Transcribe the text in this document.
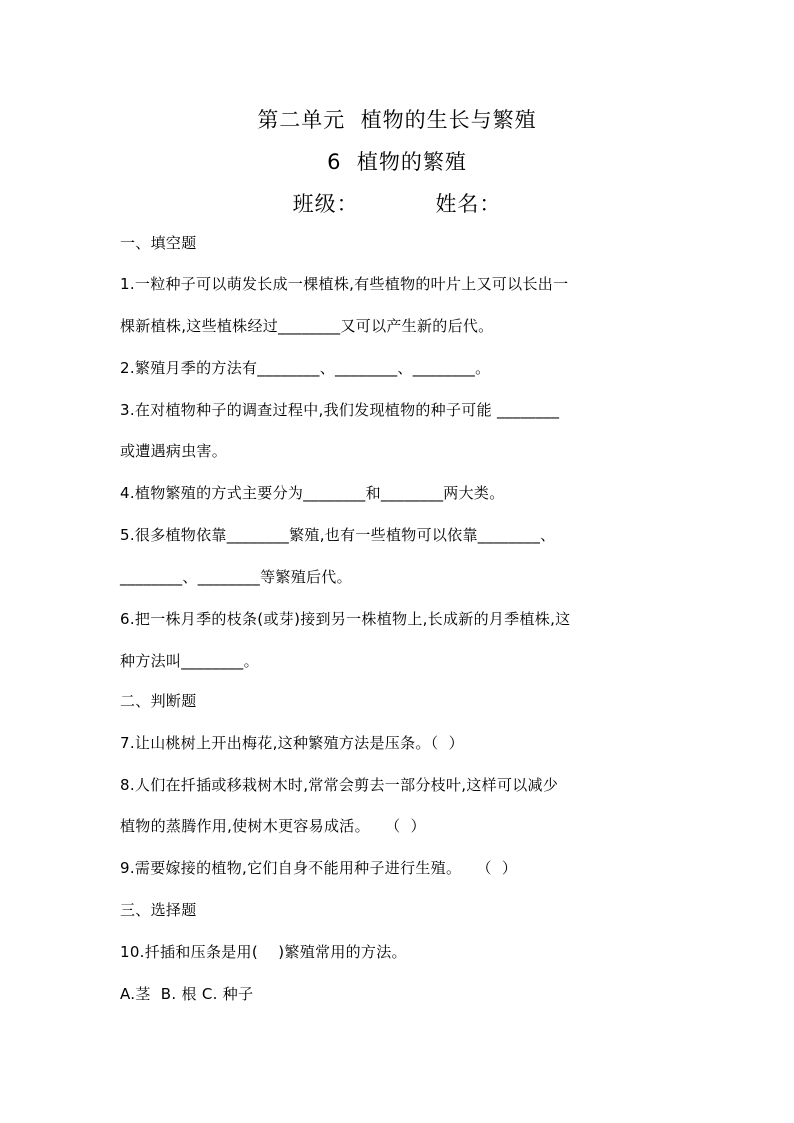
第二单元  植物的生长与繁殖
6  植物的繁殖
班级：          姓名：
一、填空题
1.一粒种子可以萌发长成一棵植株,有些植物的叶片上又可以长出一
棵新植株,这些植株经过________又可以产生新的后代。
2.繁殖月季的方法有________、________、________。
3.在对植物种子的调查过程中,我们发现植物的种子可能 ________
或遭遇病虫害。
4.植物繁殖的方式主要分为________和________两大类。
5.很多植物依靠________繁殖,也有一些植物可以依靠________、
________、________等繁殖后代。
6.把一株月季的枝条(或芽)接到另一株植物上,长成新的月季植株,这
种方法叫________。
二、判断题
7.让山桃树上开出梅花,这种繁殖方法是压条。（  ）
8.人们在扦插或移栽树木时,常常会剪去一部分枝叶,这样可以减少
植物的蒸腾作用,使树木更容易成活。   （  ）
9.需要嫁接的植物,它们自身不能用种子进行生殖。   （  ）
三、选择题
10.扦插和压条是用(    )繁殖常用的方法。
A.茎  B. 根 C. 种子
